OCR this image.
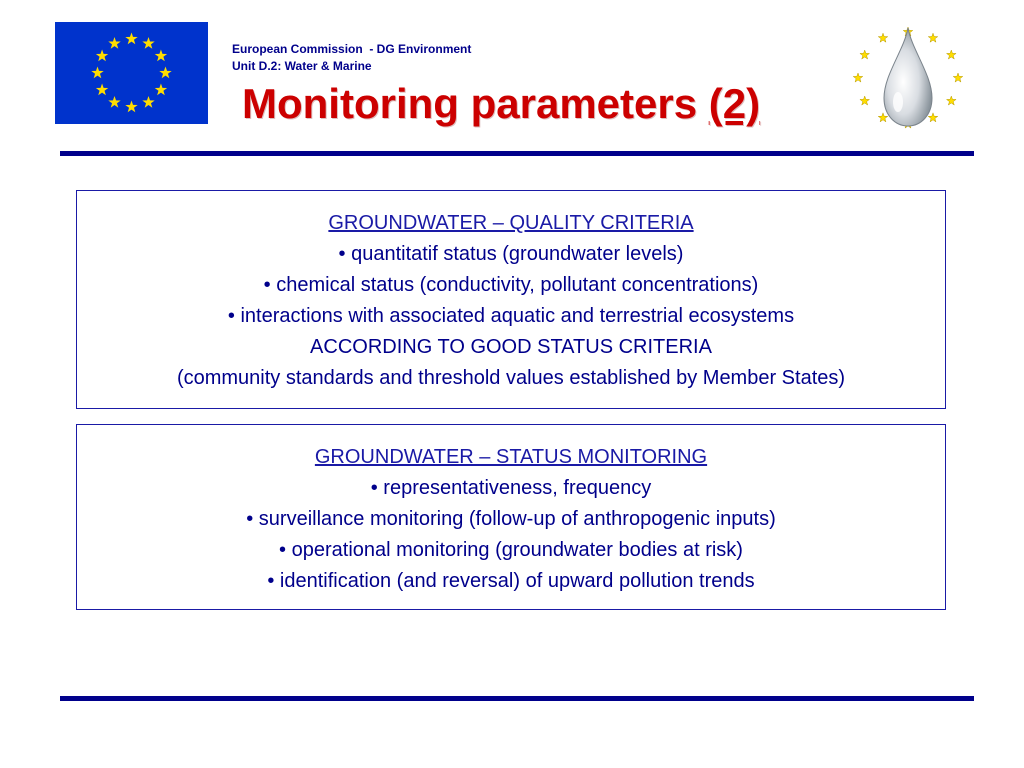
European Commission  - DG Environment
Unit D.2: Water & Marine
Monitoring parameters (2)
GROUNDWATER – QUALITY CRITERIA
• quantitatif status (groundwater levels)
• chemical status (conductivity, pollutant concentrations)
• interactions with associated aquatic and terrestrial ecosystems
ACCORDING TO GOOD STATUS CRITERIA
(community standards and threshold values established by Member States)
GROUNDWATER – STATUS MONITORING
• representativeness, frequency
• surveillance monitoring (follow-up of anthropogenic inputs)
• operational monitoring (groundwater bodies at risk)
• identification (and reversal) of upward pollution trends
